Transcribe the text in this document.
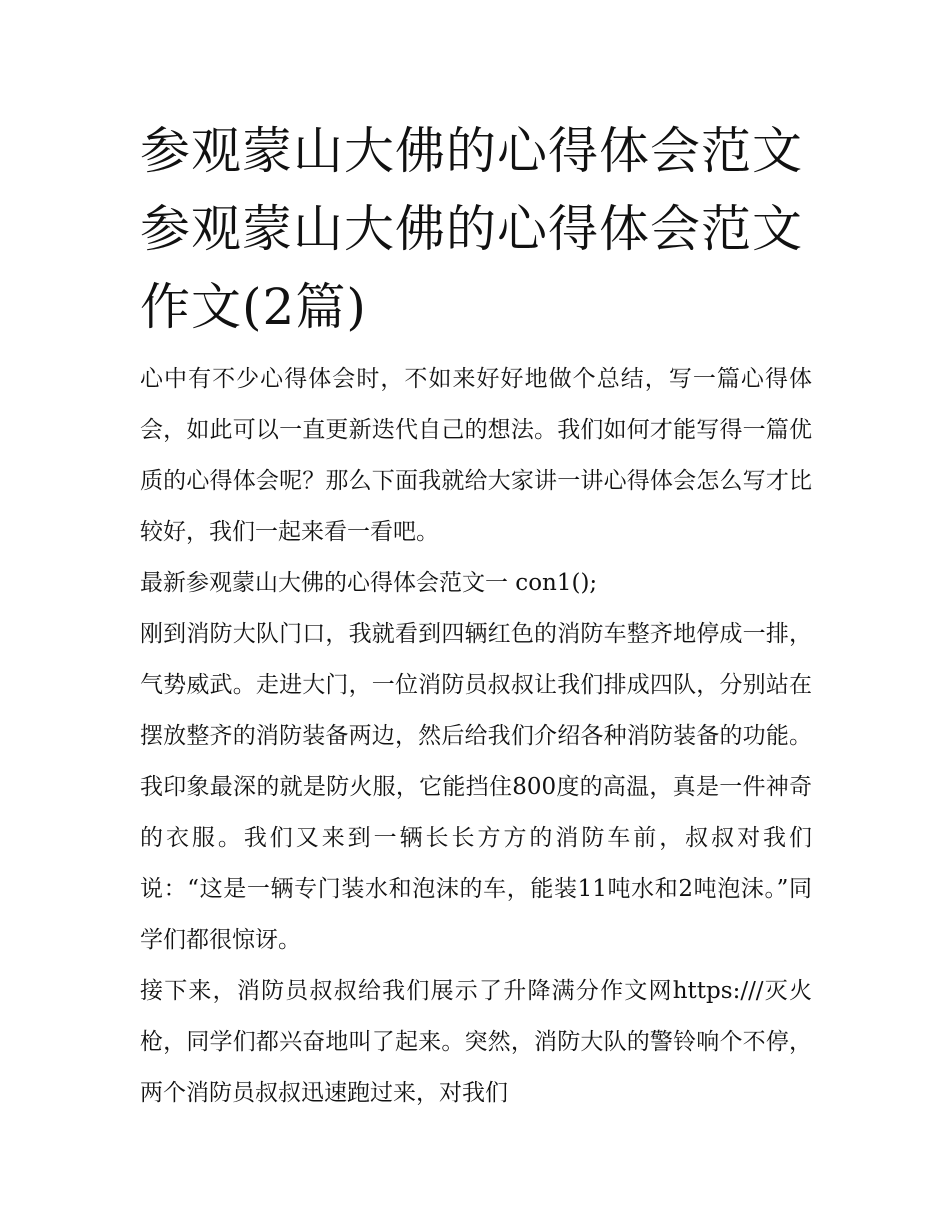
参观蒙山大佛的心得体会范文参观蒙山大佛的心得体会范文作文(2篇)

心中有不少心得体会时，不如来好好地做个总结，写一篇心得体会，如此可以一直更新迭代自己的想法。我们如何才能写得一篇优质的心得体会呢？那么下面我就给大家讲一讲心得体会怎么写才比较好，我们一起来看一看吧。

最新参观蒙山大佛的心得体会范文一 con1();

刚到消防大队门口，我就看到四辆红色的消防车整齐地停成一排，气势威武。走进大门，一位消防员叔叔让我们排成四队，分别站在摆放整齐的消防装备两边，然后给我们介绍各种消防装备的功能。我印象最深的就是防火服，它能挡住800度的高温，真是一件神奇的衣服。我们又来到一辆长长方方的消防车前，叔叔对我们说：“这是一辆专门装水和泡沫的车，能装11吨水和2吨泡沫。”同学们都很惊讶。

接下来，消防员叔叔给我们展示了升降满分作文网https:///灭火枪，同学们都兴奋地叫了起来。突然，消防大队的警铃响个不停，两个消防员叔叔迅速跑过来，对我们
